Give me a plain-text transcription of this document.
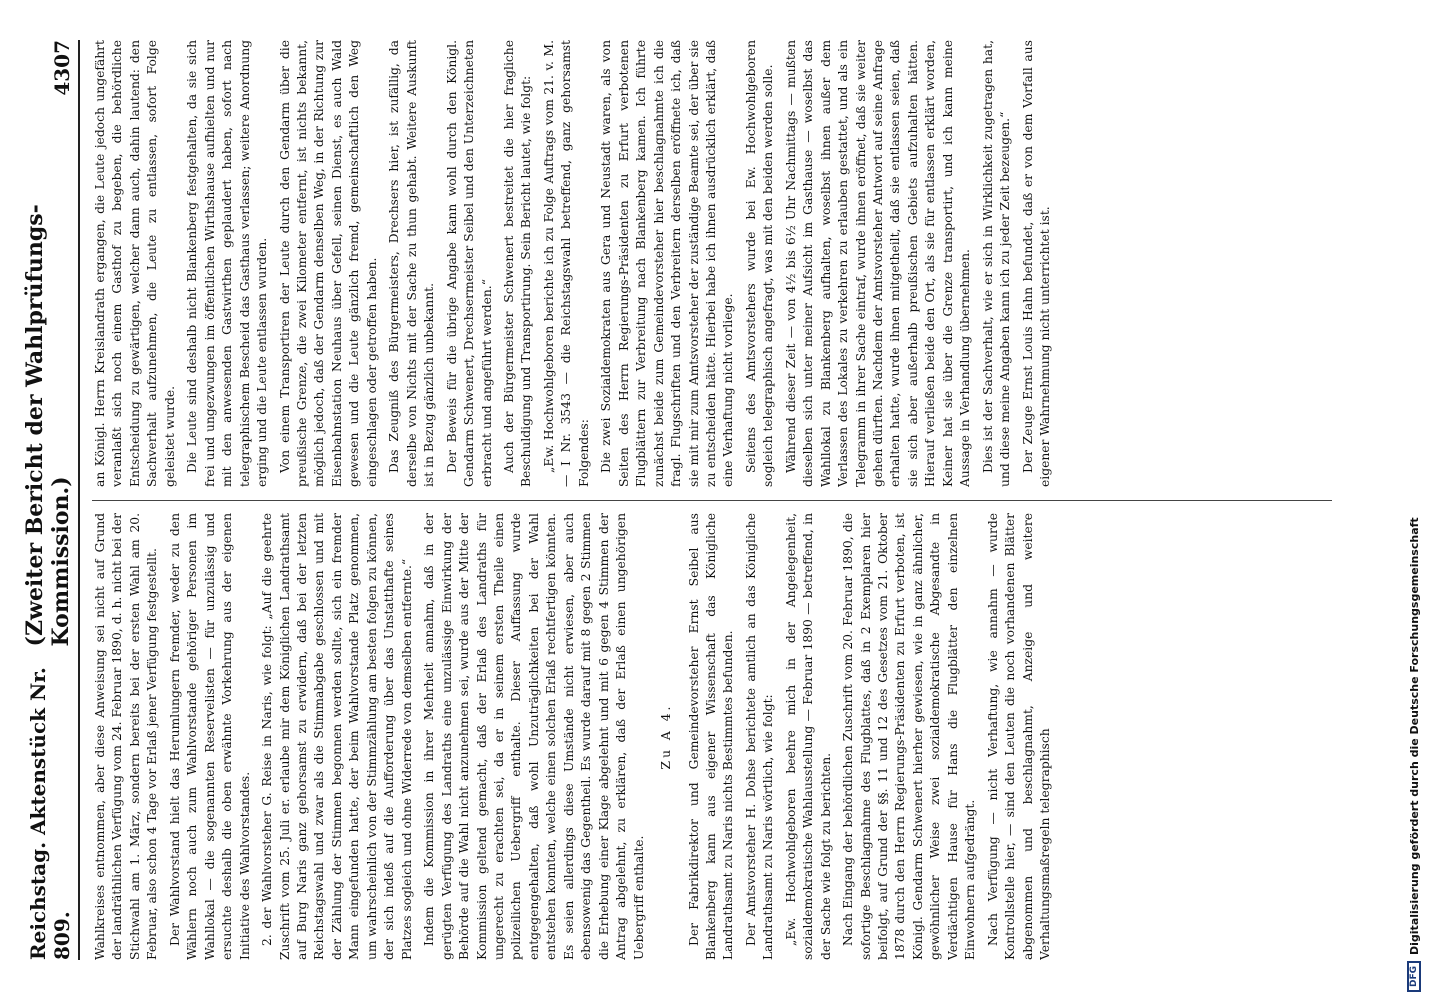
Reichstag. Aktenstück Nr. 809.
(Zweiter Bericht der Wahlprüfungs-Kommission.)
4307

Wahlkreises entnommen, aber diese Anweisung sei nicht auf Grund der landräthlichen Verfügung vom 24. Februar 1890, d. h. nicht bei der Stichwahl am 1. März, sondern bereits bei der ersten Wahl am 20. Februar, also schon 4 Tage vor Erlaß jener Verfügung festgestellt. Der Wahlvorstand hielt das Herumlungern fremder, weder zu den Wählern noch auch zum Wahlvorstande gehöriger Personen im Wahllokal — die sogenannten Reservelisten — für unzulässig und ersuchte deshalb die oben erwähnte Vorkehrung aus der eigenen Initiative des Wahlvorstandes. 2. der Wahlvorsteher G. Reise in Naris, wie folgt: „Auf die geehrte Zuschrift vom 25. Juli er. erlaube mir dem Königlichen Landrathsamt auf Burg Naris ganz gehorsamst zu erwidern, daß bei der letzten Reichstagswahl und zwar als die Stimmabgabe geschlossen und mit der Zählung der Stimmen begonnen werden sollte, sich ein fremder Mann eingefunden hatte, der beim Wahlvorstande Platz genommen, um wahrscheinlich von der Stimmzählung am besten folgen zu können, der sich indeß auf die Aufforderung über das Unstatthafte seines Platzes sogleich und ohne Widerrede von demselben entfernte.“ Indem die Kommission in ihrer Mehrheit annahm, daß in der gerügten Verfügung des Landraths eine unzulässige Einwirkung der Behörde auf die Wahl nicht anzunehmen sei, wurde aus der Mitte der Kommission geltend gemacht, daß der Erlaß des Landraths für ungerecht zu erachten sei, da er in seinem ersten Theile einen polizeilichen Uebergriff enthalte. Dieser Auffassung wurde entgegengehalten, daß wohl Unzuträglichkeiten bei der Wahl entstehen konnten, welche einen solchen Erlaß rechtfertigen könnten. Es seien allerdings diese Umstände nicht erwiesen, aber auch ebensowenig das Gegentheil. Es wurde darauf mit 8 gegen 2 Stimmen die Erhebung einer Klage abgelehnt und mit 6 gegen 4 Stimmen der Antrag abgelehnt, zu erklären, daß der Erlaß einen ungehörigen Uebergriff enthalte.

Zu A 4. Der Fabrikdirektor und Gemeindevorsteher Ernst Seibel aus Blankenberg kann aus eigener Wissenschaft das Königliche Landrathsamt zu Naris nichts Bestimmtes befunden. Der Amtsvorsteher H. Dohse berichtete amtlich an das Königliche Landrathsamt zu Naris wörtlich, wie folgt: „Ew. Hochwohlgeboren beehre mich in der Angelegenheit, sozialdemokratische Wahlausstellung — Februar 1890 — betreffend, in der Sache wie folgt zu berichten. Nach Eingang der behördlichen Zuschrift vom 20. Februar 1890, die sofortige Beschlagnahme des Flugblattes, daß in 2 Exemplaren hier beifolgt, auf Grund der §§. 11 und 12 des Gesetzes vom 21. Oktober 1878 durch den Herrn Regierungs-Präsidenten zu Erfurt verboten, ist Königl. Gendarm Schwenert hierher gewiesen, wie in ganz ähnlicher, gewöhnlicher Weise zwei sozialdemokratische Abgesandte in Verdächtigen Hause für Hans die Flugblätter den einzelnen Einwohnern aufgedrängt. Nach Verfügung — nicht Verhaftung, wie annahm — wurde Kontrollstelle hier, — sind den Leuten die noch vorhandenen Blätter abgenommen und beschlagnahmt, Anzeige und weitere Verhaltungsmaßregeln telegraphisch

an Königl. Herrn Kreislandrath ergangen, die Leute jedoch ungefährt veranlaßt sich noch einem Gasthof zu begeben, die behördliche Entscheidung zu gewärtigen, welcher dann auch, dahin lautend: den Sachverhalt aufzunehmen, die Leute zu entlassen, sofort Folge geleistet wurde. Die Leute sind deshalb nicht Blankenberg festgehalten, da sie sich frei und ungezwungen im öffentlichen Wirthshause aufhielten und nur mit den anwesenden Gastwirthen geplaudert haben, sofort nach telegraphischem Bescheid das Gasthaus verlassen; weitere Anordnung erging und die Leute entlassen wurden. Von einem Transportiren der Leute durch den Gendarm über die preußische Grenze, die zwei Kilometer entfernt, ist nichts bekannt, möglich jedoch, daß der Gendarm denselben Weg, in der Richtung zur Eisenbahnstation Neuhaus über Gefell, seinen Dienst, es auch Wald gewesen und die Leute gänzlich fremd, gemeinschaftlich den Weg eingeschlagen oder getroffen haben. Das Zeugniß des Bürgermeisters, Drechsers hier, ist zufällig, da derselbe von Nichts mit der Sache zu thun gehabt. Weitere Auskunft ist in Bezug gänzlich unbekannt. Der Beweis für die übrige Angabe kann wohl durch den Königl. Gendarm Schwenert, Drechsermeister Seibel und den Unterzeichneten erbracht und angeführt werden.“ Auch der Bürgermeister Schwenert bestreitet die hier fragliche Beschuldigung und Transportirung. Sein Bericht lautet, wie folgt: „Ew. Hochwohlgeboren berichte ich zu Folge Auftrags vom 21. v. M. — I Nr. 3543 — die Reichstagswahl betreffend, ganz gehorsamst Folgendes: Die zwei Sozialdemokraten aus Gera und Neustadt waren, als von Seiten des Herrn Regierungs-Präsidenten zu Erfurt verbotenen Flugblättern zur Verbreitung nach Blankenberg kamen. Ich führte zunächst beide zum Gemeindevorsteher hier beschlagnahmte ich die fragl. Flugschriften und den Verbreitern derselben eröffnete ich, daß sie mit mir zum Amtsvorsteher der zuständige Beamte sei, der über sie zu entscheiden hätte. Hierbei habe ich ihnen ausdrücklich erklärt, daß eine Verhaftung nicht vorliege. Seitens des Amtsvorstehers wurde bei Ew. Hochwohlgeboren sogleich telegraphisch angefragt, was mit den beiden werden solle. Während dieser Zeit — von 4½ bis 6½ Uhr Nachmittags — mußten dieselben sich unter meiner Aufsicht im Gasthause — woselbst das Wahllokal zu Blankenberg aufhalten, woselbst ihnen außer dem Verlassen des Lokales zu verkehren zu erlauben gestattet, und als ein Telegramm in ihrer Sache eintraf, wurde ihnen eröffnet, daß sie weiter gehen dürften. Nachdem der Amtsvorsteher Antwort auf seine Anfrage erhalten hatte, wurde ihnen mitgetheilt, daß sie entlassen seien, daß sie sich aber außerhalb preußischen Gebiets aufzuhalten hätten. Hierauf verließen beide den Ort, als sie für entlassen erklärt worden, Keiner hat sie über die Grenze transportirt, und ich kann meine Aussage in Verhandlung übernehmen. Dies ist der Sachverhalt, wie er sich in Wirklichkeit zugetragen hat, und diese meine Angaben kann ich zu jeder Zeit bezeugen.“ Der Zeuge Ernst Louis Hahn befundet, daß er von dem Vorfall aus eigener Wahrnehmung nicht unterrichtet ist.

DFG
Digitalisierung gefördert durch die Deutsche Forschungsgemeinschaft
